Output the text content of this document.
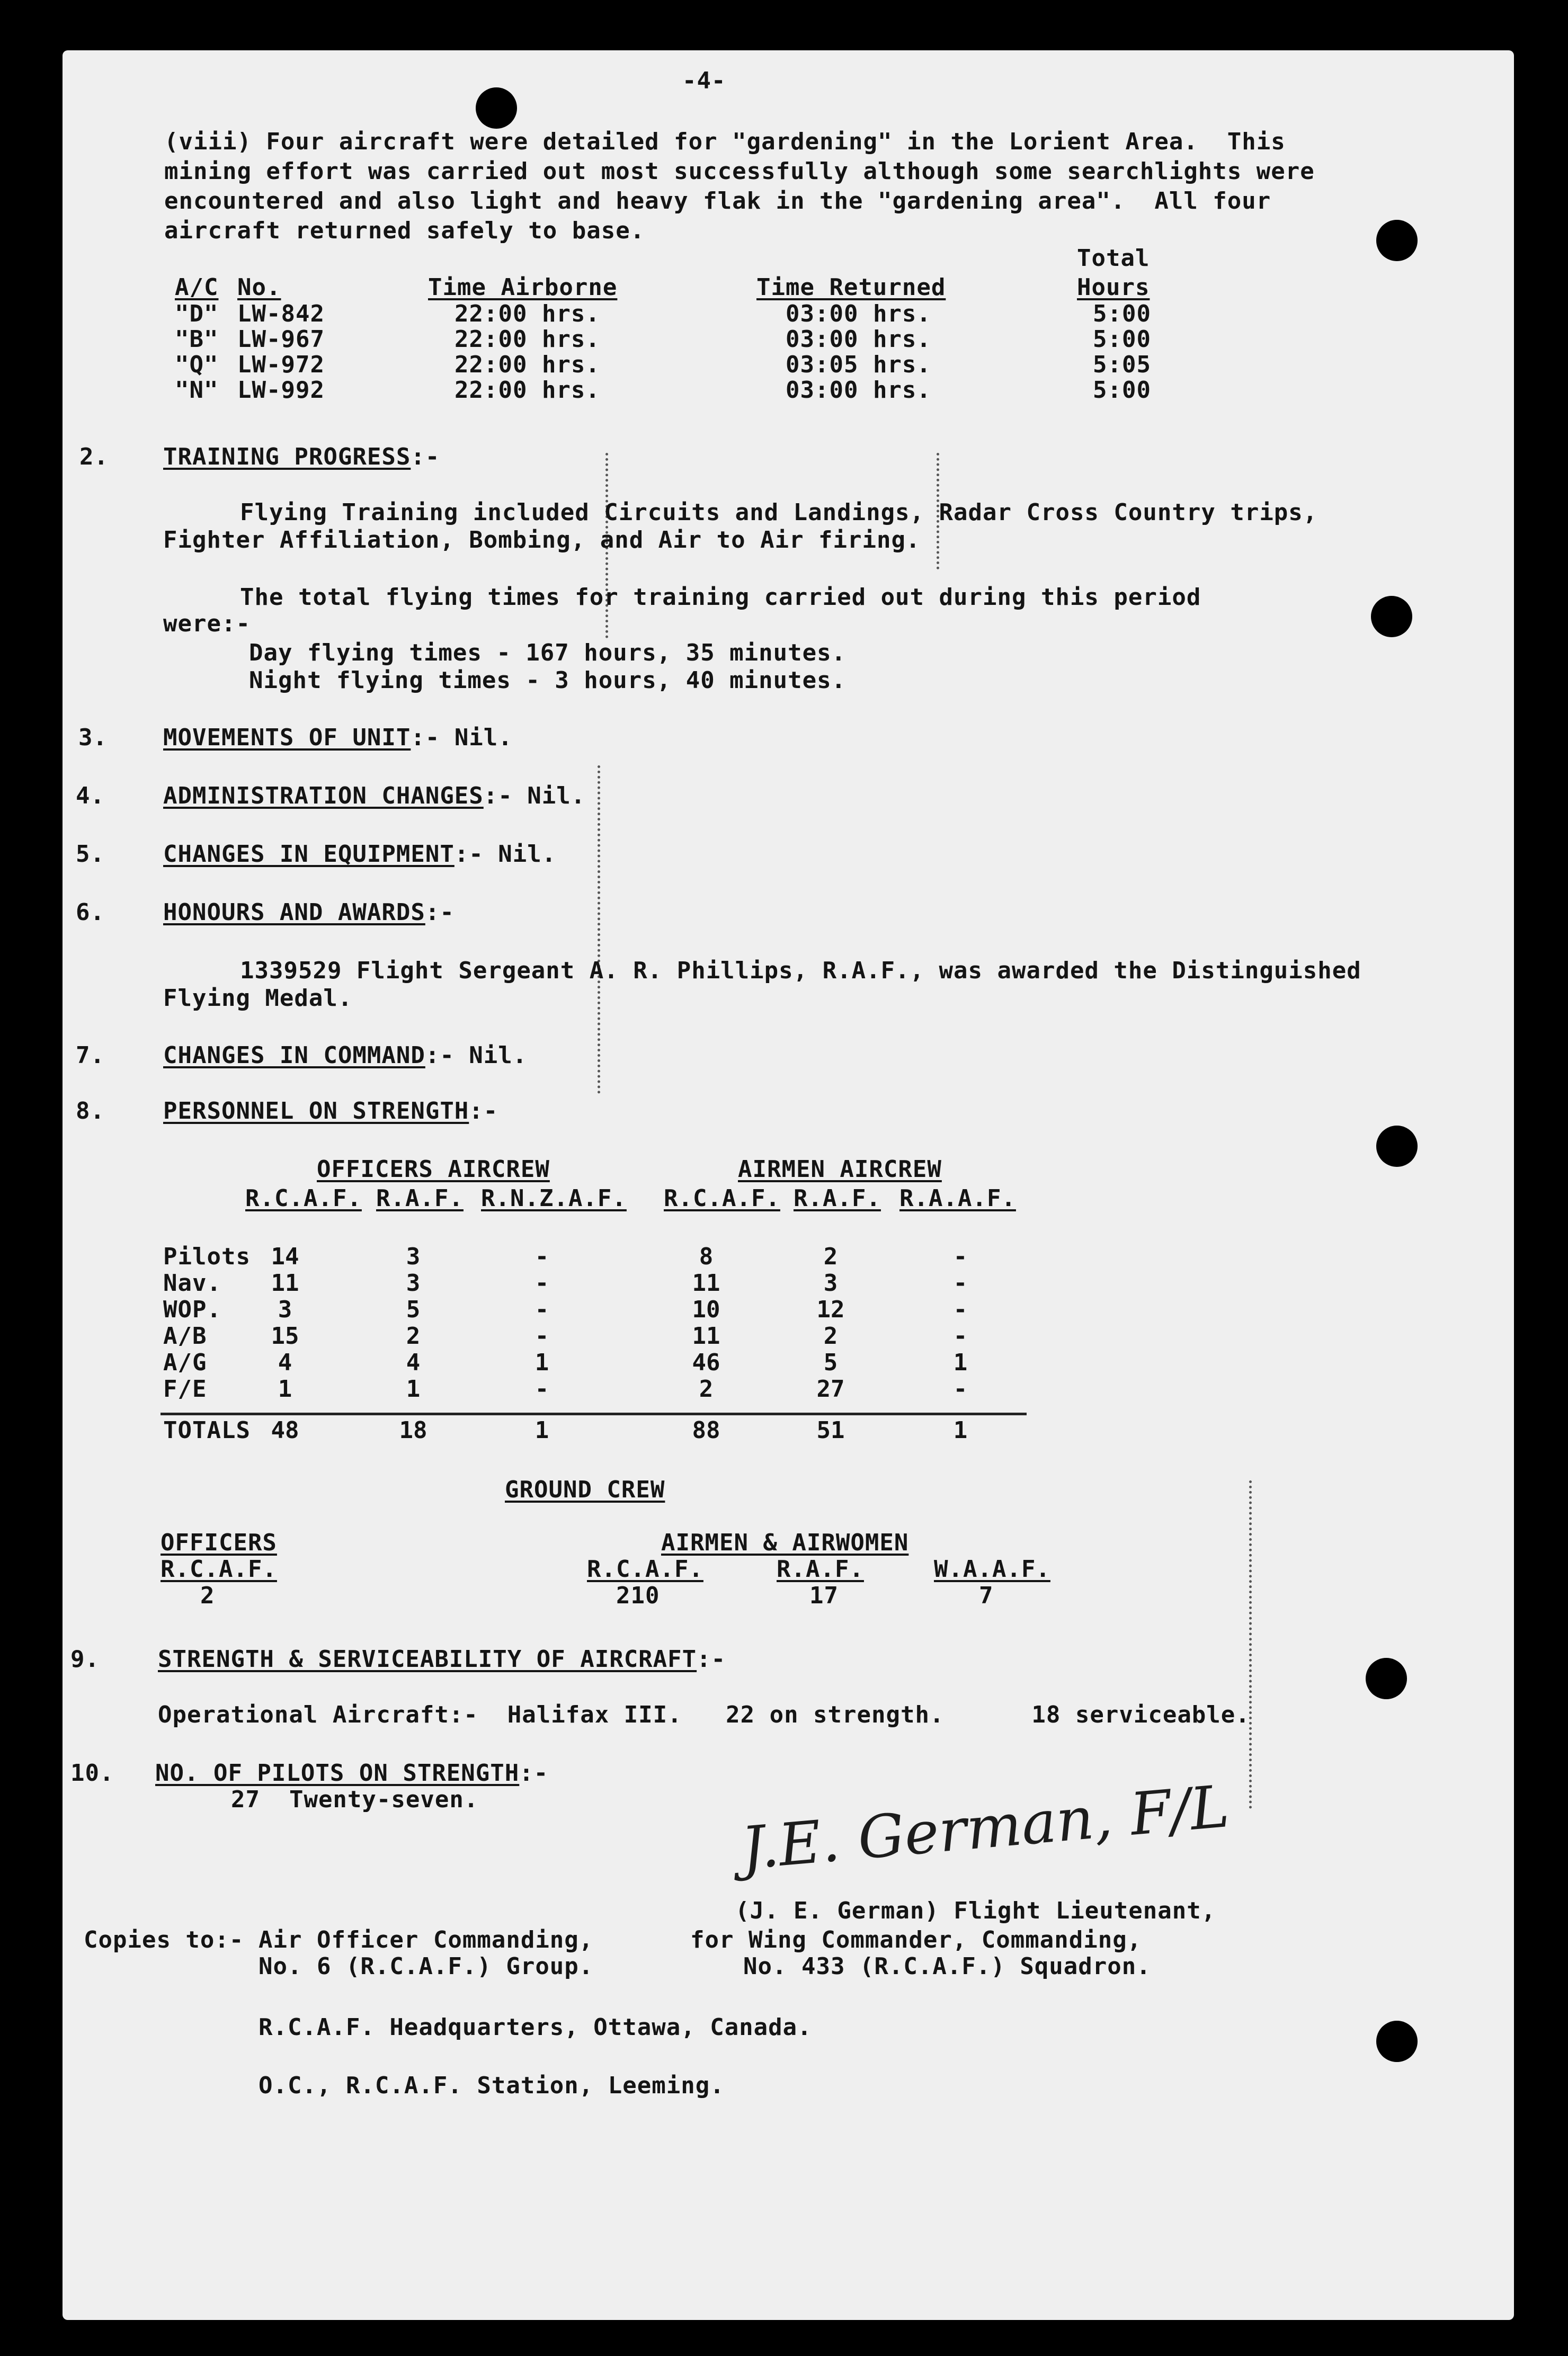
-4-
(viii) Four aircraft were detailed for "gardening" in the Lorient Area.  This
mining effort was carried out most successfully although some searchlights were
encountered and also light and heavy flak in the "gardening area".  All four
aircraft returned safely to base.
Total
A/C No.	Time Airborne	Time Returned	Hours
"D" LW-842	22:00 hrs.	03:00 hrs.	5:00
"B" LW-967	22:00 hrs.	03:00 hrs.	5:00
"Q" LW-972	22:00 hrs.	03:05 hrs.	5:05
"N" LW-992	22:00 hrs.	03:00 hrs.	5:00
2. TRAINING PROGRESS:-
Flying Training included Circuits and Landings, Radar Cross Country trips,
Fighter Affiliation, Bombing, and Air to Air firing.
The total flying times for training carried out during this period
were:-
Day flying times - 167 hours, 35 minutes.
Night flying times - 3 hours, 40 minutes.
3. MOVEMENTS OF UNIT:- Nil.
4.	ADMINISTRATION CHANGES:- Nil.
5.	CHANGES IN EQUIPMENT:- Nil.
6.	HONOURS AND AWARDS:-
1339529 Flight Sergeant A. R. Phillips, R.A.F., was awarded the Distinguished
Flying Medal.
7.	CHANGES IN COMMAND:- Nil.
8.	PERSONNEL ON STRENGTH:-
OFFICERS AIRCREW	AIRMEN AIRCREW
R.C.A.F. R.A.F. R.N.Z.A.F. R.C.A.F. R.A.F. R.A.A.F.
Pilots 14	3	-	8	2	-
Nav.	11	3	-	11	3	-
WOP.	3	5	-	10	12	-
A/B	15	2	-	11	2	-
A/G	4	4	1	46	5	1
F/E	1	1	-	2	27	-
TOTALS 48	18	1	88	51	1
GROUND CREW
OFFICERS
R.C.A.F.
2
AIRMEN & AIRWOMEN
R.C.A.F.	R.A.F.	W.A.A.F.
210	17	7
9.	STRENGTH & SERVICEABILITY OF AIRCRAFT:-
Operational Aircraft:-  Halifax III.   22 on strength.      18 serviceable.
10. NO. OF PILOTS ON STRENGTH:-
27  Twenty-seven.	J.E. German, F/L
(J. E. German) Flight Lieutenant,
for Wing Commander, Commanding,
No. 433 (R.C.A.F.) Squadron.
Copies to:- Air Officer Commanding,
No. 6 (R.C.A.F.) Group.
R.C.A.F. Headquarters, Ottawa, Canada.
O.C., R.C.A.F. Station, Leeming.
